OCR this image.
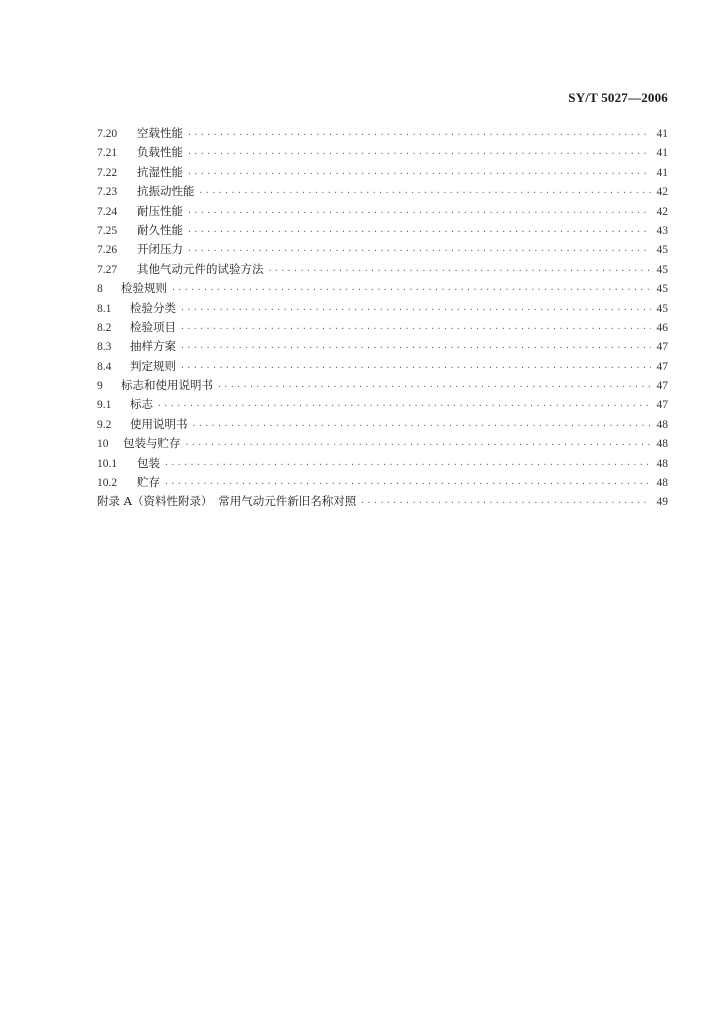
SY/T 5027—2006
7.20	空载性能 ·····	41
7.21	负载性能 ·····	41
7.22	抗湿性能 ·····	41
7.23	抗振动性能 ·····	42
7.24	耐压性能 ·····	42
7.25	耐久性能 ·····	43
7.26	开闭压力 ·····	45
7.27	其他气动元件的试验方法 ·····	45
8	检验规则 ·····	45
8.1	检验分类 ·····	45
8.2	检验项目 ·····	46
8.3	抽样方案 ·····	47
8.4	判定规则 ·····	47
9	标志和使用说明书 ·····	47
9.1	标志 ·····	47
9.2	使用说明书 ·····	48
10	包装与贮存 ·····	48
10.1	包装 ·····	48
10.2	贮存 ·····	48
附录 A（资料性附录）　常用气动元件新旧名称对照 ·····	49
